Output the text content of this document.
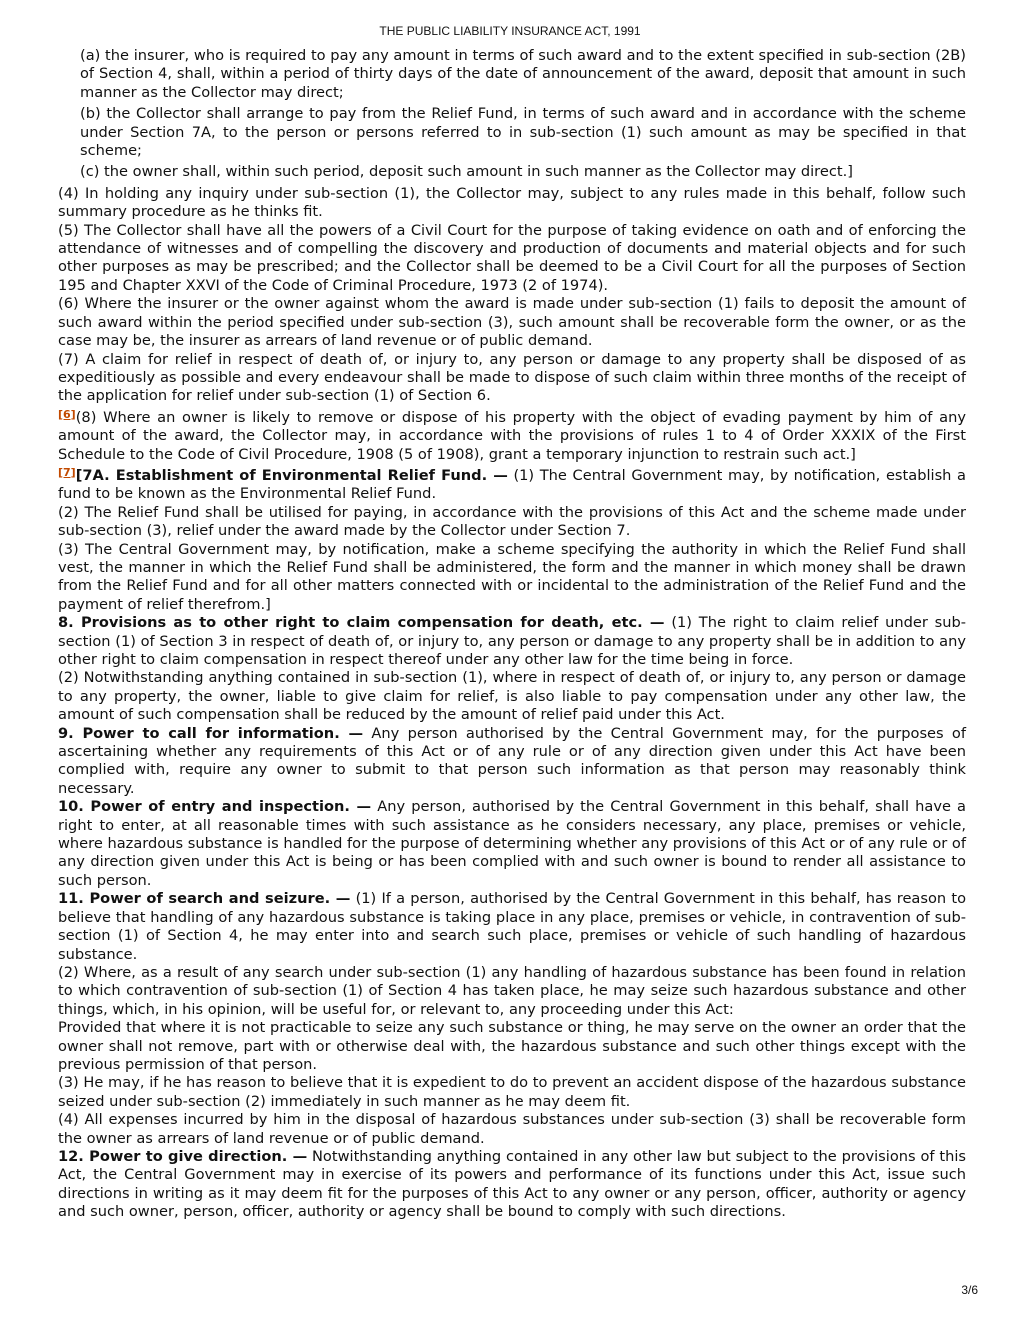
THE PUBLIC LIABILITY INSURANCE ACT, 1991

(a) the insurer, who is required to pay any amount in terms of such award and to the extent specified in sub-section (2B) of Section 4, shall, within a period of thirty days of the date of announcement of the award, deposit that amount in such manner as the Collector may direct;

(b) the Collector shall arrange to pay from the Relief Fund, in terms of such award and in accordance with the scheme under Section 7A, to the person or persons referred to in sub-section (1) such amount as may be specified in that scheme;

(c) the owner shall, within such period, deposit such amount in such manner as the Collector may direct.]

(4) In holding any inquiry under sub-section (1), the Collector may, subject to any rules made in this behalf, follow such summary procedure as he thinks fit.

(5) The Collector shall have all the powers of a Civil Court for the purpose of taking evidence on oath and of enforcing the attendance of witnesses and of compelling the discovery and production of documents and material objects and for such other purposes as may be prescribed; and the Collector shall be deemed to be a Civil Court for all the purposes of Section 195 and Chapter XXVI of the Code of Criminal Procedure, 1973 (2 of 1974).

(6) Where the insurer or the owner against whom the award is made under sub-section (1) fails to deposit the amount of such award within the period specified under sub-section (3), such amount shall be recoverable form the owner, or as the case may be, the insurer as arrears of land revenue or of public demand.

(7) A claim for relief in respect of death of, or injury to, any person or damage to any property shall be disposed of as expeditiously as possible and every endeavour shall be made to dispose of such claim within three months of the receipt of the application for relief under sub-section (1) of Section 6.

[6](8) Where an owner is likely to remove or dispose of his property with the object of evading payment by him of any amount of the award, the Collector may, in accordance with the provisions of rules 1 to 4 of Order XXXIX of the First Schedule to the Code of Civil Procedure, 1908 (5 of 1908), grant a temporary injunction to restrain such act.]

[7][7A. Establishment of Environmental Relief Fund. — (1) The Central Government may, by notification, establish a fund to be known as the Environmental Relief Fund.

(2) The Relief Fund shall be utilised for paying, in accordance with the provisions of this Act and the scheme made under sub-section (3), relief under the award made by the Collector under Section 7.

(3) The Central Government may, by notification, make a scheme specifying the authority in which the Relief Fund shall vest, the manner in which the Relief Fund shall be administered, the form and the manner in which money shall be drawn from the Relief Fund and for all other matters connected with or incidental to the administration of the Relief Fund and the payment of relief therefrom.]

8. Provisions as to other right to claim compensation for death, etc. — (1) The right to claim relief under sub-section (1) of Section 3 in respect of death of, or injury to, any person or damage to any property shall be in addition to any other right to claim compensation in respect thereof under any other law for the time being in force.

(2) Notwithstanding anything contained in sub-section (1), where in respect of death of, or injury to, any person or damage to any property, the owner, liable to give claim for relief, is also liable to pay compensation under any other law, the amount of such compensation shall be reduced by the amount of relief paid under this Act.

9. Power to call for information. — Any person authorised by the Central Government may, for the purposes of ascertaining whether any requirements of this Act or of any rule or of any direction given under this Act have been complied with, require any owner to submit to that person such information as that person may reasonably think necessary.

10. Power of entry and inspection. — Any person, authorised by the Central Government in this behalf, shall have a right to enter, at all reasonable times with such assistance as he considers necessary, any place, premises or vehicle, where hazardous substance is handled for the purpose of determining whether any provisions of this Act or of any rule or of any direction given under this Act is being or has been complied with and such owner is bound to render all assistance to such person.

11. Power of search and seizure. — (1) If a person, authorised by the Central Government in this behalf, has reason to believe that handling of any hazardous substance is taking place in any place, premises or vehicle, in contravention of sub-section (1) of Section 4, he may enter into and search such place, premises or vehicle of such handling of hazardous substance.

(2) Where, as a result of any search under sub-section (1) any handling of hazardous substance has been found in relation to which contravention of sub-section (1) of Section 4 has taken place, he may seize such hazardous substance and other things, which, in his opinion, will be useful for, or relevant to, any proceeding under this Act:

Provided that where it is not practicable to seize any such substance or thing, he may serve on the owner an order that the owner shall not remove, part with or otherwise deal with, the hazardous substance and such other things except with the previous permission of that person.

(3) He may, if he has reason to believe that it is expedient to do to prevent an accident dispose of the hazardous substance seized under sub-section (2) immediately in such manner as he may deem fit.

(4) All expenses incurred by him in the disposal of hazardous substances under sub-section (3) shall be recoverable form the owner as arrears of land revenue or of public demand.

12. Power to give direction. — Notwithstanding anything contained in any other law but subject to the provisions of this Act, the Central Government may in exercise of its powers and performance of its functions under this Act, issue such directions in writing as it may deem fit for the purposes of this Act to any owner or any person, officer, authority or agency and such owner, person, officer, authority or agency shall be bound to comply with such directions.

3/6
